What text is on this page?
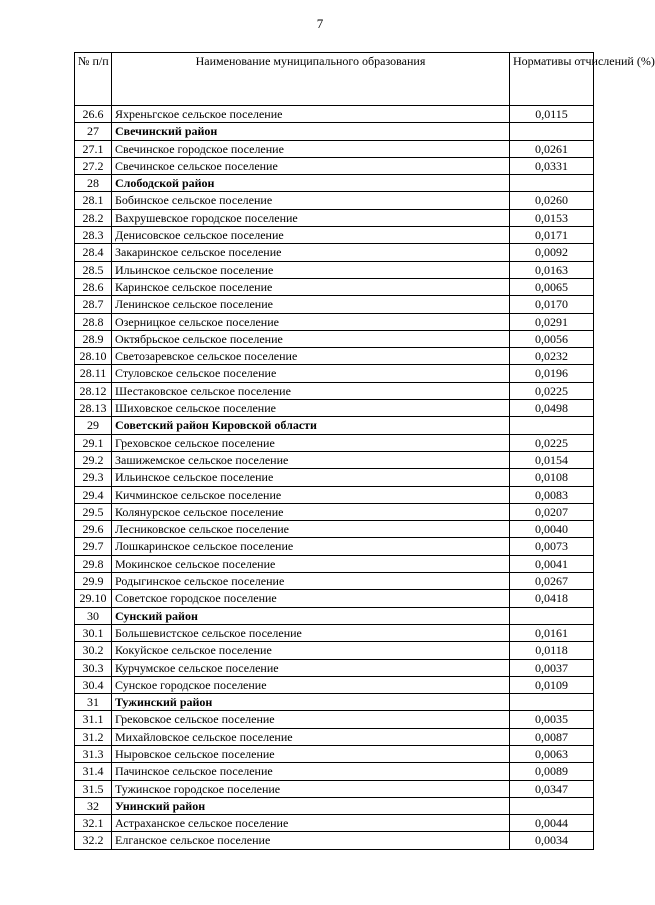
7
№ п/п	Наименование муниципального образования	Нормативы отчислений (%)
26.6	Яхреньгское сельское поселение	0,0115
27	Свечинский район	
27.1	Свечинское городское поселение	0,0261
27.2	Свечинское сельское поселение	0,0331
28	Слободской район	
28.1	Бобинское сельское поселение	0,0260
28.2	Вахрушевское городское поселение	0,0153
28.3	Денисовское сельское поселение	0,0171
28.4	Закаринское сельское поселение	0,0092
28.5	Ильинское сельское поселение	0,0163
28.6	Каринское сельское поселение	0,0065
28.7	Ленинское сельское поселение	0,0170
28.8	Озерницкое сельское поселение	0,0291
28.9	Октябрьское сельское поселение	0,0056
28.10	Светозаревское сельское поселение	0,0232
28.11	Стуловское сельское поселение	0,0196
28.12	Шестаковское сельское поселение	0,0225
28.13	Шиховское сельское поселение	0,0498
29	Советский район Кировской области	
29.1	Греховское сельское поселение	0,0225
29.2	Зашижемское сельское поселение	0,0154
29.3	Ильинское сельское поселение	0,0108
29.4	Кичминское сельское поселение	0,0083
29.5	Колянурское сельское поселение	0,0207
29.6	Лесниковское сельское поселение	0,0040
29.7	Лошкаринское сельское поселение	0,0073
29.8	Мокинское сельское поселение	0,0041
29.9	Родыгинское сельское поселение	0,0267
29.10	Советское городское поселение	0,0418
30	Сунский район	
30.1	Большевистское сельское поселение	0,0161
30.2	Кокуйское сельское поселение	0,0118
30.3	Курчумское сельское поселение	0,0037
30.4	Сунское городское поселение	0,0109
31	Тужинский район	
31.1	Грековское сельское поселение	0,0035
31.2	Михайловское сельское поселение	0,0087
31.3	Ныровское сельское поселение	0,0063
31.4	Пачинское сельское поселение	0,0089
31.5	Тужинское городское поселение	0,0347
32	Унинский район	
32.1	Астраханское сельское поселение	0,0044
32.2	Елганское сельское поселение	0,0034
